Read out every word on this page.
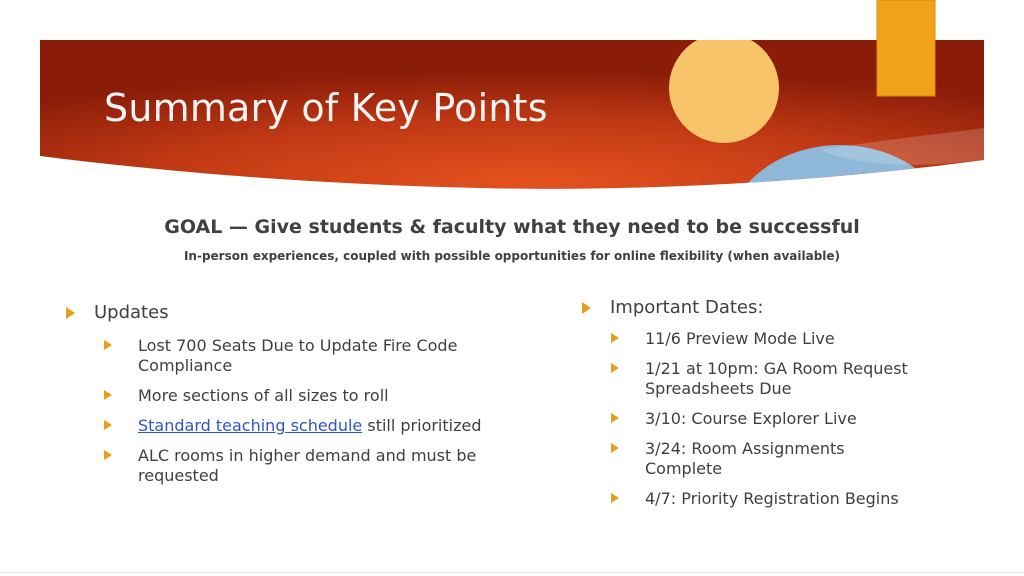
Summary of Key Points
GOAL — Give students & faculty what they need to be successful
In-person experiences, coupled with possible opportunities for online flexibility (when available)
Updates
Lost 700 Seats Due to Update Fire Code Compliance
More sections of all sizes to roll
Standard teaching schedule still prioritized
ALC rooms in higher demand and must be requested
Important Dates:
11/6 Preview Mode Live
1/21 at 10pm: GA Room Request Spreadsheets Due
3/10: Course Explorer Live
3/24: Room Assignments Complete
4/7: Priority Registration Begins
